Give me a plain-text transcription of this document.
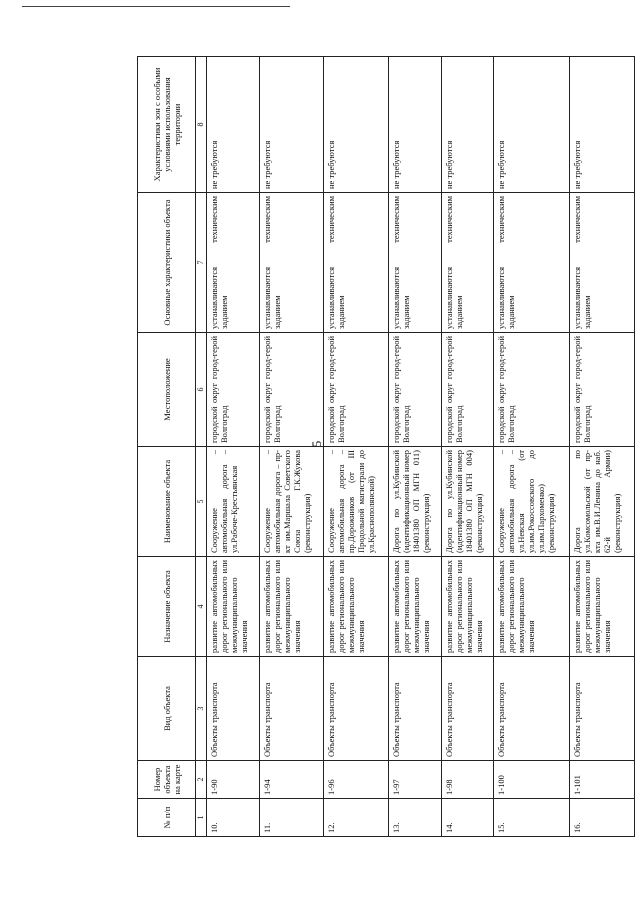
5
№ п/п	Номер объекта на карте	Вид объекта	Назначение объекта	Наименование объекта	Местоположение	Основные характеристики объекта	Характеристики зон с особыми условиями использования территории
1	2	3	4	5	6	7	8
10.	1-90	Объекты транспорта	развитие автомобильных дорог регионального или межмуниципального значения	Сооружение – автомобильная дорога – ул.Рабоче-Крестьянская	городской округ город-герой Волгоград	устанавливаются техническим заданием	не требуются
11.	1-94	Объекты транспорта	развитие автомобильных дорог регионального или межмуниципального значения	Сооружение – автомобильная дорога – пр-кт им.Маршала Советского Союза Г.К.Жукова (реконструкция)	городской округ город-герой Волгоград	устанавливаются техническим заданием	не требуются
12.	1-96	Объекты транспорта	развитие автомобильных дорог регионального или межмуниципального значения	Сооружение – автомобильная дорога – пр.Дорожников (от III Продольной магистрали до ул.Краснополянской)	городской округ город-герой Волгоград	устанавливаются техническим заданием	не требуются
13.	1-97	Объекты транспорта	развитие автомобильных дорог регионального или межмуниципального значения	Дорога по ул.Кубинской (идентификационный номер 18401380 ОП МГН 011) (реконструкция)	городской округ город-герой Волгоград	устанавливаются техническим заданием	не требуются
14.	1-98	Объекты транспорта	развитие автомобильных дорог регионального или межмуниципального значения	Дорога по ул.Кубинской (идентификационный номер 18401380 ОП МГН 004) (реконструкция)	городской округ город-герой Волгоград	устанавливаются техническим заданием	не требуются
15.	1-100	Объекты транспорта	развитие автомобильных дорог регионального или межмуниципального значения	Сооружение – автомобильная дорога – ул.Невская (от ул.им.Рокоссовского до ул.им.Пархоменко) (реконструкция)	городской округ город-герой Волгоград	устанавливаются техническим заданием	не требуются
16.	1-101	Объекты транспорта	развитие автомобильных дорог регионального или межмуниципального значения	Дорога по ул.Комсомольской (от пр-кта им.В.И.Ленина до наб. 62-й Армии) (реконструкция)	городской округ город-герой Волгоград	устанавливаются техническим заданием	не требуются
